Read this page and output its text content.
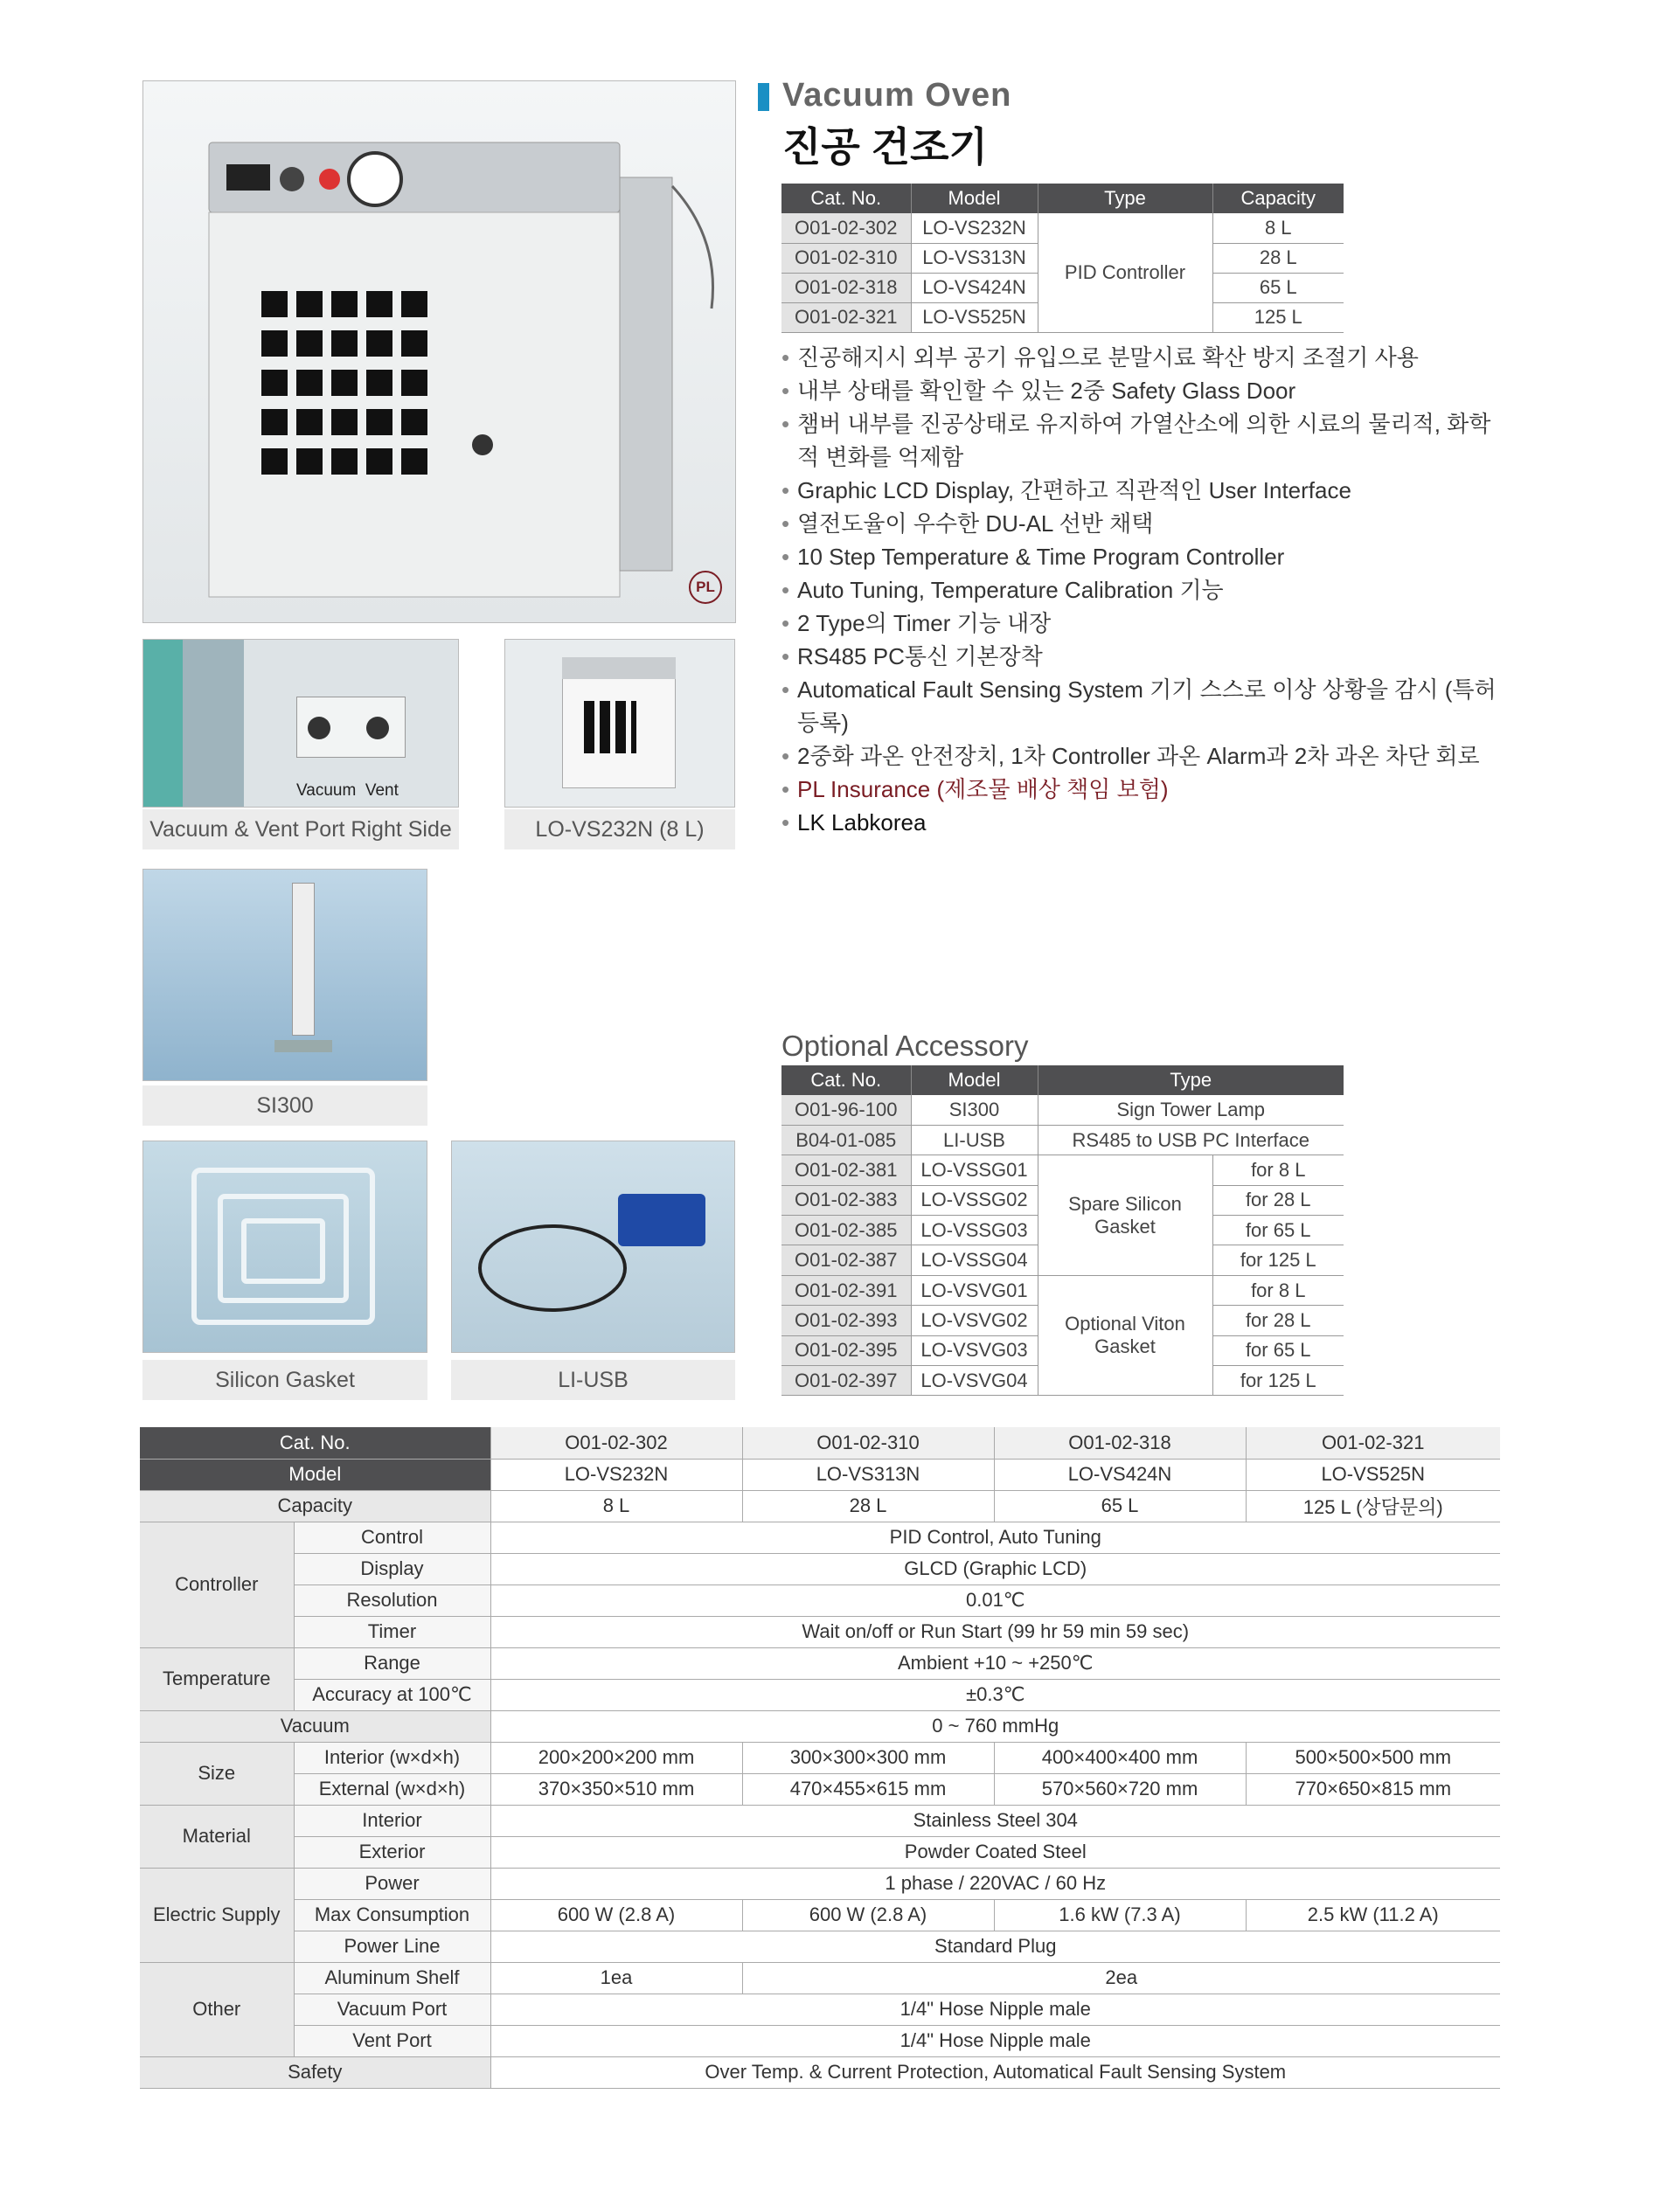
PL
Vacuum  Vent
Vacuum & Vent Port Right Side	LO-VS232N (8 L)
SI300
Silicon Gasket	LI-USB
Vacuum Oven
진공 건조기
Cat. No.	Model	Type	Capacity
O01-02-302	LO-VS232N	PID Controller	8 L
O01-02-310	LO-VS313N		28 L
O01-02-318	LO-VS424N		65 L
O01-02-321	LO-VS525N		125 L
• 진공해지시 외부 공기 유입으로 분말시료 확산 방지 조절기 사용
• 내부 상태를 확인할 수 있는 2중 Safety Glass Door
• 챔버 내부를 진공상태로 유지하여 가열산소에 의한 시료의 물리적, 화학적 변화를 억제함
• Graphic LCD Display, 간편하고 직관적인 User Interface
• 열전도율이 우수한 DU-AL 선반 채택
• 10 Step Temperature & Time Program Controller
• Auto Tuning, Temperature Calibration 기능
• 2 Type의 Timer 기능 내장
• RS485 PC통신 기본장착
• Automatical Fault Sensing System 기기 스스로 이상 상황을 감시 (특허 등록)
• 2중화 과온 안전장치, 1차 Controller 과온 Alarm과 2차 과온 차단 회로
• PL Insurance (제조물 배상 책임 보험)
• LK Labkorea
Optional Accessory
Cat. No.	Model	Type	
O01-96-100	SI300	Sign Tower Lamp	
B04-01-085	LI-USB	RS485 to USB PC Interface	
O01-02-381	LO-VSSG01	Spare Silicon Gasket	for 8 L
O01-02-383	LO-VSSG02		for 28 L
O01-02-385	LO-VSSG03		for 65 L
O01-02-387	LO-VSSG04		for 125 L
O01-02-391	LO-VSVG01	Optional Viton Gasket	for 8 L
O01-02-393	LO-VSVG02		for 28 L
O01-02-395	LO-VSVG03		for 65 L
O01-02-397	LO-VSVG04		for 125 L
Cat. No.		O01-02-302	O01-02-310	O01-02-318	O01-02-321
Model		LO-VS232N	LO-VS313N	LO-VS424N	LO-VS525N
Capacity		8 L	28 L	65 L	125 L (상담문의)
Controller	Control	PID Control, Auto Tuning			
	Display	GLCD (Graphic LCD)			
	Resolution	0.01℃			
	Timer	Wait on/off or Run Start (99 hr 59 min 59 sec)			
Temperature	Range	Ambient +10 ~ +250℃			
	Accuracy at 100℃	±0.3℃			
Vacuum		0 ~ 760 mmHg			
Size	Interior (w×d×h)	200×200×200 mm	300×300×300 mm	400×400×400 mm	500×500×500 mm
	External (w×d×h)	370×350×510 mm	470×455×615 mm	570×560×720 mm	770×650×815 mm
Material	Interior	Stainless Steel 304			
	Exterior	Powder Coated Steel			
Electric Supply	Power	1 phase / 220VAC / 60 Hz			
	Max Consumption	600 W (2.8 A)	600 W (2.8 A)	1.6 kW (7.3 A)	2.5 kW (11.2 A)
	Power Line	Standard Plug			
Other	Aluminum Shelf	1ea	2ea		
	Vacuum Port	1/4" Hose Nipple male			
	Vent Port	1/4" Hose Nipple male			
Safety		Over Temp. & Current Protection, Automatical Fault Sensing System			
